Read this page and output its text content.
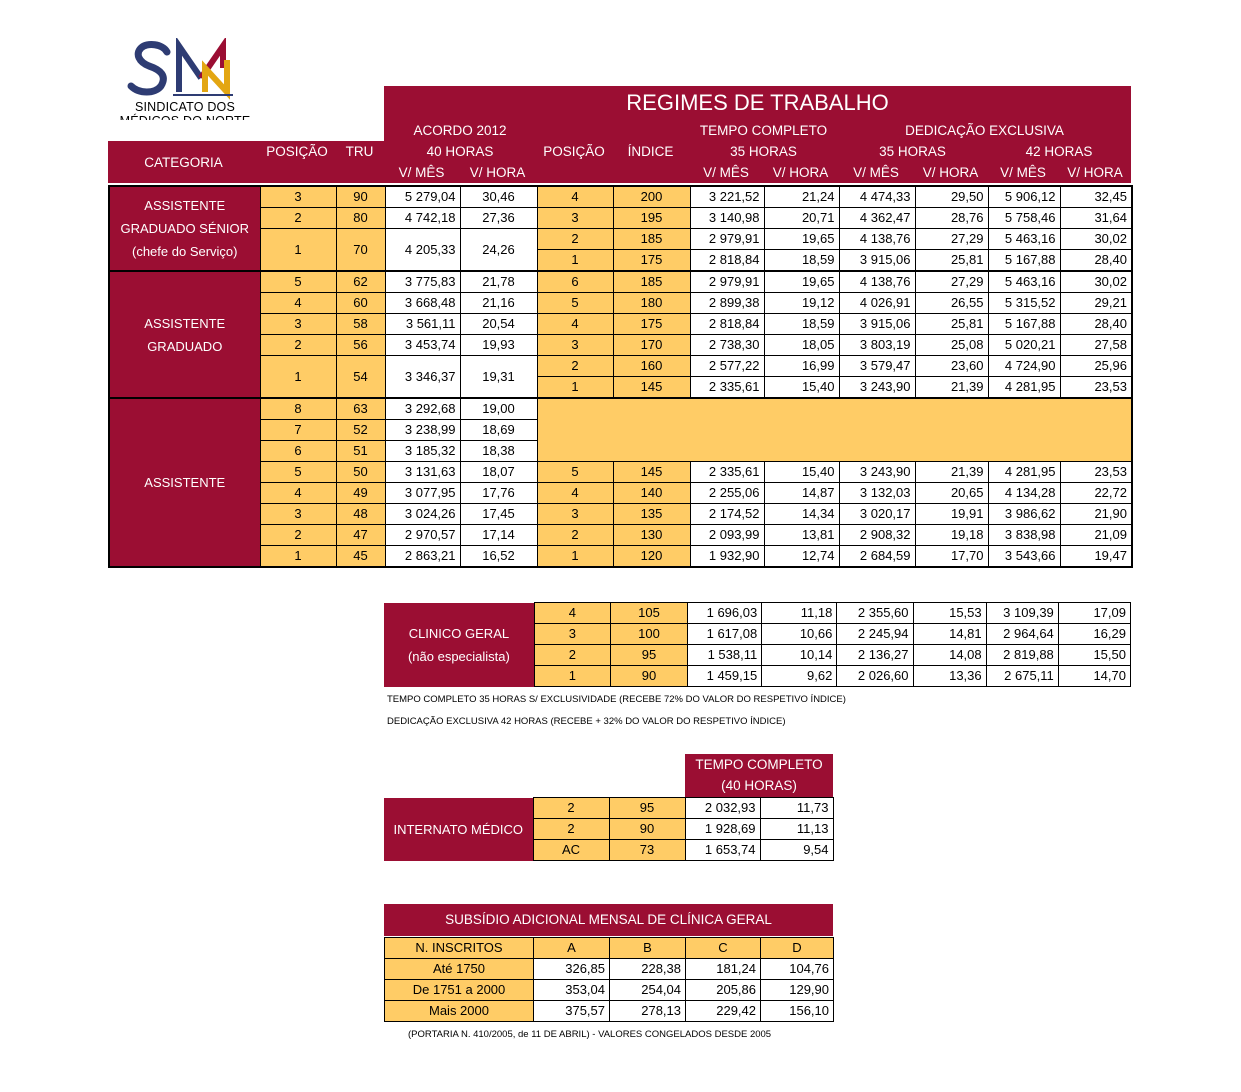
SINDICATO DOS	REGIMES DE TRABALHO
			ACORDO 2012				TEMPO COMPLETO		DEDICAÇÃO EXCLUSIVA			
CATEGORIA	POSIÇÃO	TRU	40 HORAS		POSIÇÃO	ÍNDICE	35 HORAS		35 HORAS		42 HORAS	
			V/ MÊS	V/ HORA			V/ MÊS	V/ HORA	V/ MÊS	V/ HORA	V/ MÊS	V/ HORA
ASSISTENTE
GRADUADO SÉNIOR
(chefe do Serviço)	3	90	5 279,04	30,46	4	200	3 221,52	21,24	4 474,33	29,50	5 906,12	32,45
	2	80	4 742,18	27,36	3	195	3 140,98	20,71	4 362,47	28,76	5 758,46	31,64
	1	70	4 205,33	24,26	2	185	2 979,91	19,65	4 138,76	27,29	5 463,16	30,02
					1	175	2 818,84	18,59	3 915,06	25,81	5 167,88	28,40

ASSISTENTE
GRADUADO	5	62	3 775,83	21,78	6	185	2 979,91	19,65	4 138,76	27,29	5 463,16	30,02
	4	60	3 668,48	21,16	5	180	2 899,38	19,12	4 026,91	26,55	5 315,52	29,21
	3	58	3 561,11	20,54	4	175	2 818,84	18,59	3 915,06	25,81	5 167,88	28,40
	2	56	3 453,74	19,93	3	170	2 738,30	18,05	3 803,19	25,08	5 020,21	27,58
	1	54	3 346,37	19,31	2	160	2 577,22	16,99	3 579,47	23,60	4 724,90	25,96
					1	145	2 335,61	15,40	3 243,90	21,39	4 281,95	23,53
ASSISTENTE	8	63	3 292,68	19,00								
	7	52	3 238,99	18,69								
	6	51	3 185,32	18,38								
	5	50	3 131,63	18,07	5	145	2 335,61	15,40	3 243,90	21,39	4 281,95	23,53
	4	49	3 077,95	17,76	4	140	2 255,06	14,87	3 132,03	20,65	4 134,28	22,72
	3	48	3 024,26	17,45	3	135	2 174,52	14,34	3 020,17	19,91	3 986,62	21,90
	2	47	2 970,57	17,14	2	130	2 093,99	13,81	2 908,32	19,18	3 838,98	21,09
	1	45	2 863,21	16,52	1	120	1 932,90	12,74	2 684,59	17,70	3 543,66	19,47
CLINICO GERAL
(não especialista)	4	105	1 696,03	11,18	2 355,60	15,53	3 109,39	17,09
	3	100	1 617,08	10,66	2 245,94	14,81	2 964,64	16,29
	2	95	1 538,11	10,14	2 136,27	14,08	2 819,88	15,50
	1	90	1 459,15	9,62	2 026,60	13,36	2 675,11	14,70
TEMPO COMPLETO 35 HORAS S/ EXCLUSIVIDADE (RECEBE 72% DO VALOR DO RESPETIVO ÍNDICE)
DEDICAÇÃO EXCLUSIVA 42 HORAS (RECEBE + 32% DO VALOR DO RESPETIVO ÍNDICE)
TEMPO COMPLETO
(40 HORAS)
INTERNATO MÉDICO	2	95	2 032,93	11,73
	2	90	1 928,69	11,13
	AC	73	1 653,74	9,54
SUBSÍDIO ADICIONAL MENSAL DE CLÍNICA GERAL
N. INSCRITOS	A	B	C	D
Até 1750	326,85	228,38	181,24	104,76
De 1751 a 2000	353,04	254,04	205,86	129,90
Mais 2000	375,57	278,13	229,42	156,10
(PORTARIA N. 410/2005, de 11 DE ABRIL) - VALORES CONGELADOS DESDE 2005
